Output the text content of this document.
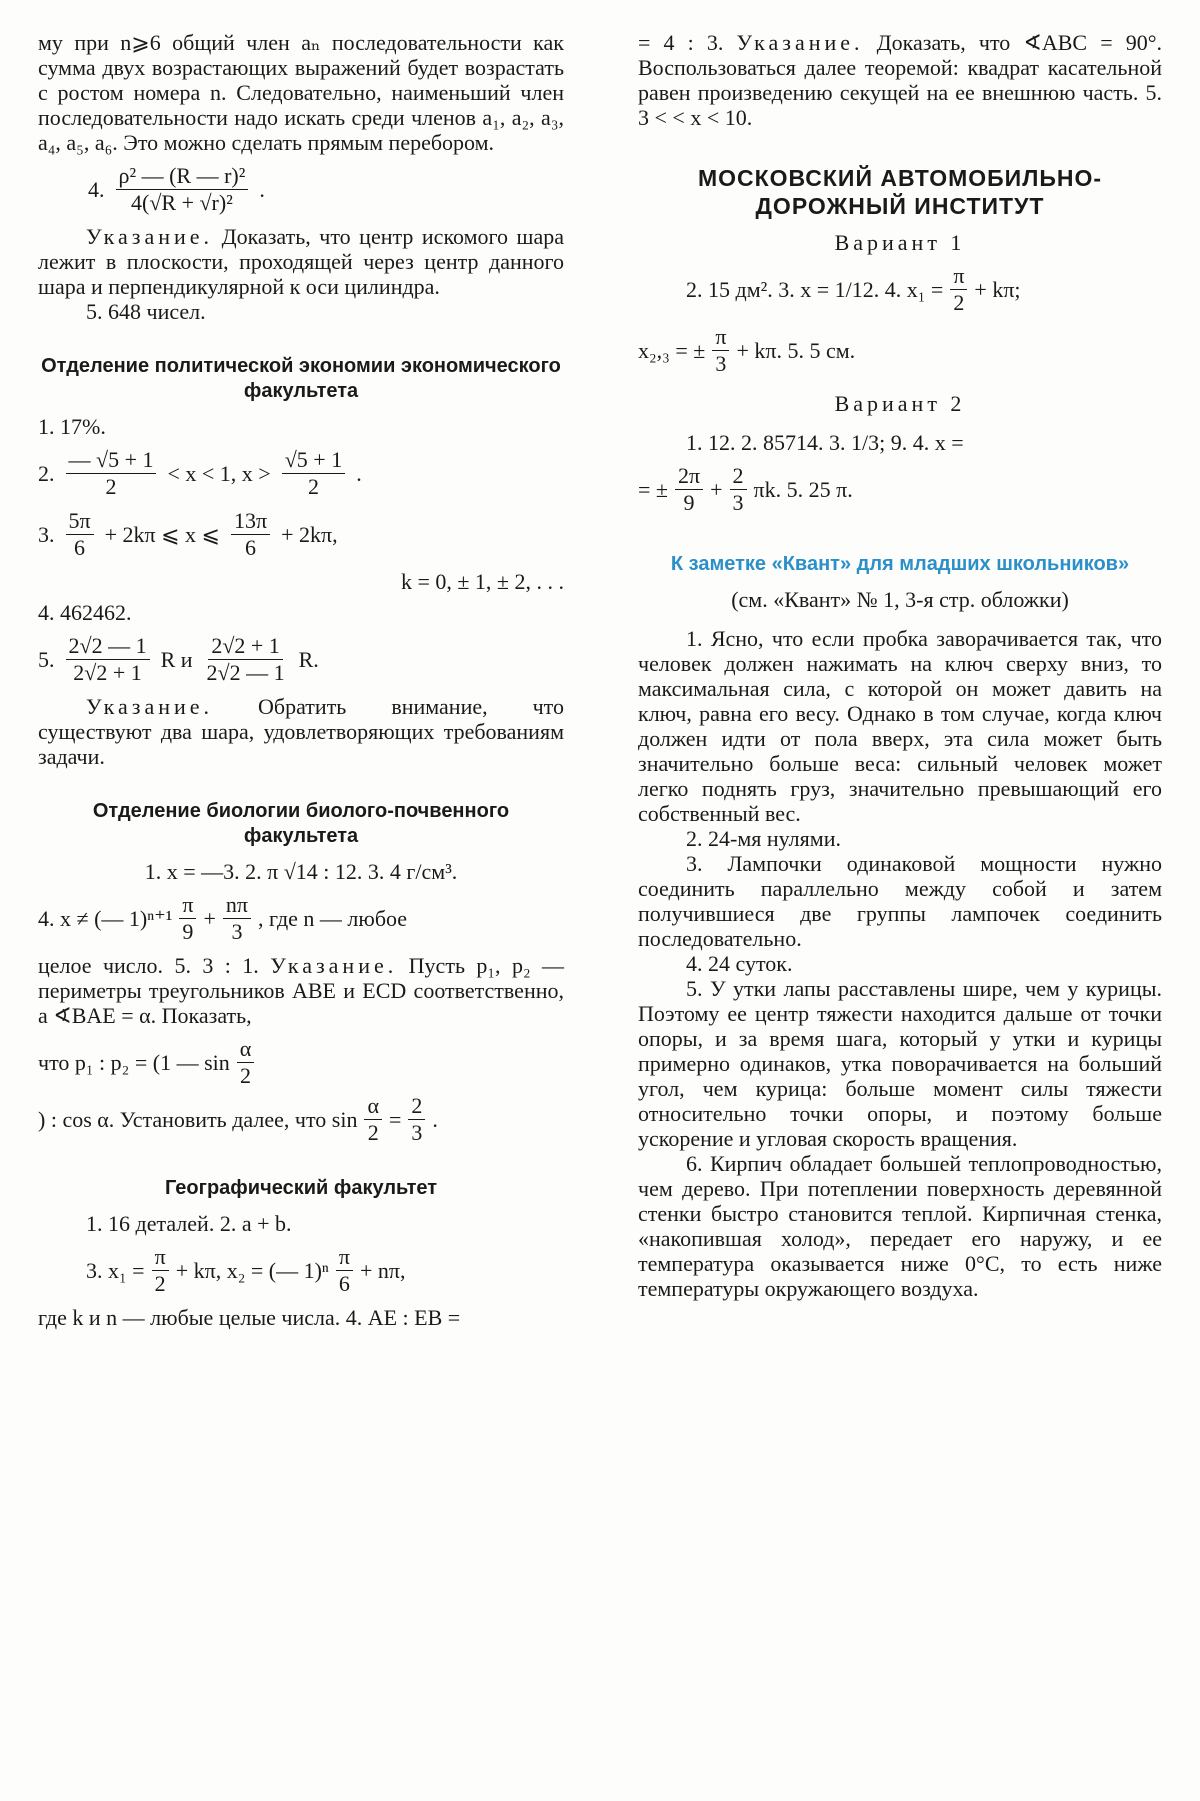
му при n⩾6 общий член aₙ последовательности как сумма двух возрастающих выражений будет возрастать с ростом номера n. Следовательно, наименьший член последовательности надо искать среди членов a₁, a₂, a₃, a₄, a₅, a₆. Это можно сделать прямым перебором.

4. $\frac{\text{ρ² — (R — r)²}}{\text{4(√R + √r)²}}$ .

Указание. Доказать, что центр искомого шара лежит в плоскости, проходящей через центр данного шара и перпендикулярной к оси цилиндра.

5. 648 чисел.

Отделение политической экономии экономического факультета

1. 17%.

2. $\frac{— √5 + 1}{2} < x < 1$, $x > \frac{√5 + 1}{2}$ .
3. $\frac{5\pi}{6} + 2k\pi$ ⩽ x ⩽ $\frac{13\pi}{6} + 2k\pi$,

k = 0, ± 1, ± 2, . . .

4. 462462.

5. $\frac{2√2 — 1}{2√2 + 1}$ R и $\frac{2√2 + 1}{2√2 — 1} R$.

Указание. Обратить внимание, что существуют два шара, удовлетворяющих требованиям задачи.

Отделение биологии биолого-почвенного факультета

1. x = —3. 2. π √14 : 12. 3. 4 г/см³.

4. x ≠ (— $1)^{n+1} \frac{\pi}{9} + \frac{n\pi}{3}$ , где n — любое

целое число. 5. 3 : 1. Указание. Пусть p₁, p₂ — периметры треугольников ABE и ECD соответственно, а ∢BAE = α. Показать,

что p₁ : p₂ = (1 — $\sin \frac{\alpha}{2}$
) : cos α. Установить далее, что $\sin \frac{\alpha}{2} = \frac{2}{3}$ .
Географический факультет

1. 16 деталей. 2. a + b.

3. $x_1 = \frac{\pi}{2} + k\pi$, x₂ = (— $1)^n \frac{\pi}{6} + n\pi$,

где k и n — любые целые числа. 4. AE : EB =

= 4 : 3. Указание. Доказать, что ∢ABC = 90°. Воспользоваться далее теоремой: квадрат касательной равен произведению секущей на ее внешнюю часть. 5. 3 < < x < 10.

МОСКОВСКИЙ АВТОМОБИЛЬНО-ДОРОЖНЫЙ ИНСТИТУТ

Вариант 1

2. 15 дм². 3. x = 1/12. 4. $x_1 = \frac{\pi}{2} + k\pi$;
x₂,₃ = ± $\frac{\pi}{3} + k\pi$. 5. 5 см.

Вариант 2

1. 12. 2. 85714. 3. 1/3; 9. 4. x =

= ± $\frac{2\pi}{9} + \frac{2}{3} \pi k$. 5. 25 π.
К заметке «Квант» для младших школьников»

(см. «Квант» № 1, 3-я стр. обложки)

1. Ясно, что если пробка заворачивается так, что человек должен нажимать на ключ сверху вниз, то максимальная сила, с которой он может давить на ключ, равна его весу. Однако в том случае, когда ключ должен идти от пола вверх, эта сила может быть значительно больше веса: сильный человек может легко поднять груз, значительно превышающий его собственный вес.

2. 24-мя нулями.

3. Лампочки одинаковой мощности нужно соединить параллельно между собой и затем получившиеся две группы лампочек соединить последовательно.

4. 24 суток.

5. У утки лапы расставлены шире, чем у курицы. Поэтому ее центр тяжести находится дальше от точки опоры, и за время шага, который у утки и курицы примерно одинаков, утка поворачивается на больший угол, чем курица: больше момент силы тяжести относительно точки опоры, и поэтому больше ускорение и угловая скорость вращения.

6. Кирпич обладает большей теплопроводностью, чем дерево. При потеплении поверхность деревянной стенки быстро становится теплой. Кирпичная стенка, «накопившая холод», передает его наружу, и ее температура оказывается ниже 0°С, то есть ниже температуры окружающего воздуха.
